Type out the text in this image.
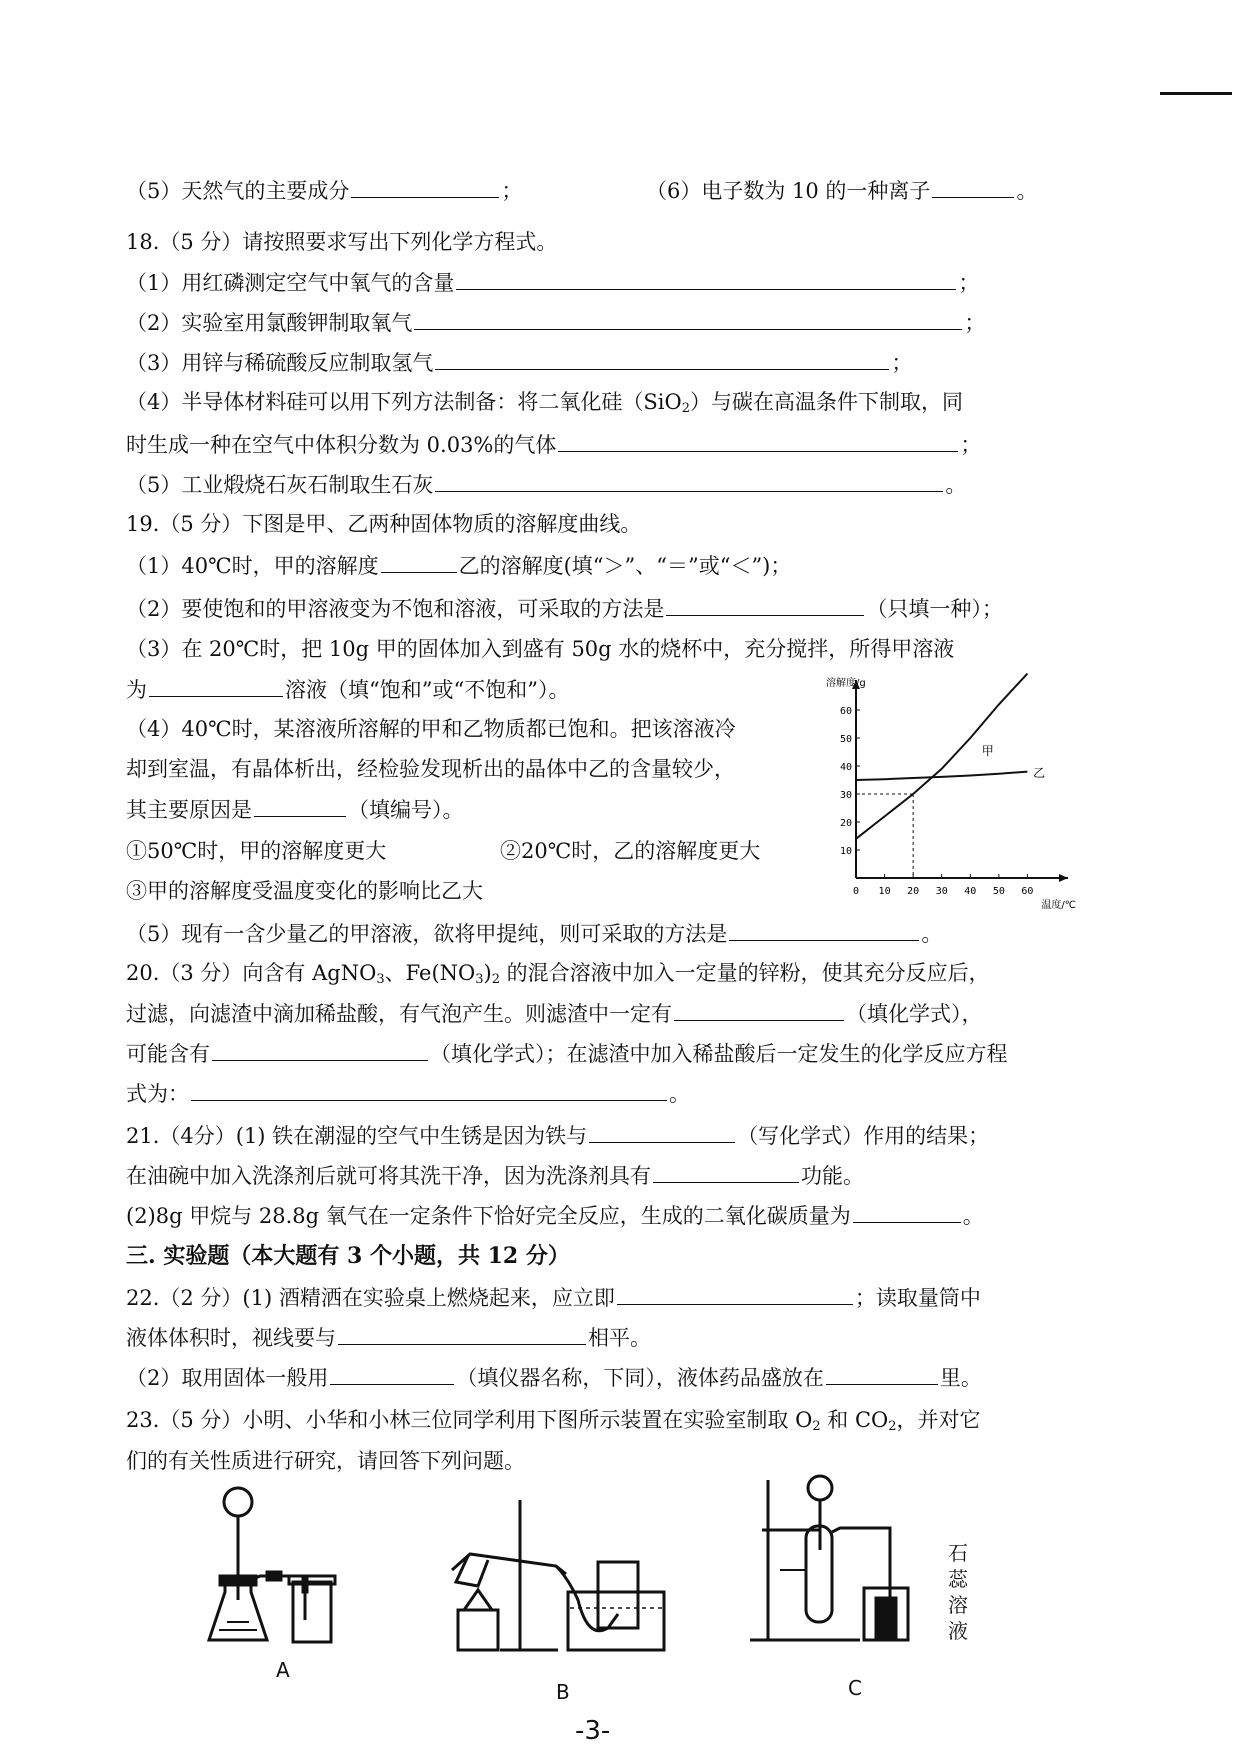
（5）天然气的主要成分	；	（6）电子数为 10 的一种离子	。
18.（5 分）请按照要求写出下列化学方程式。
（1）用红磷测定空气中氧气的含量	；
（2）实验室用氯酸钾制取氧气	；
（3）用锌与稀硫酸反应制取氢气	；
（4）半导体材料硅可以用下列方法制备：将二氧化硅（SiO$_2$）与碳在高温条件下制取，同
时生成一种在空气中体积分数为 0.03%的气体	；
（5）工业煅烧石灰石制取生石灰	。
19.（5 分）下图是甲、乙两种固体物质的溶解度曲线。
（1）40℃时，甲的溶解度	乙的溶解度(填“＞”、“＝”或“＜”)；
（2）要使饱和的甲溶液变为不饱和溶液，可采取的方法是	（只填一种）；
（3）在 20℃时，把 10g 甲的固体加入到盛有 50g 水的烧杯中，充分搅拌，所得甲溶液
为	溶液（填“饱和”或“不饱和”）。
（4）40℃时，某溶液所溶解的甲和乙物质都已饱和。把该溶液冷
却到室温，有晶体析出，经检验发现析出的晶体中乙的含量较少，
其主要原因是	（填编号）。
①50℃时，甲的溶解度更大	②20℃时，乙的溶解度更大
③甲的溶解度受温度变化的影响比乙大
（5）现有一含少量乙的甲溶液，欲将甲提纯，则可采取的方法是	。
0 10 20 30 40 50 60
10
20
30
40
50
60
溶解度/g
温度/℃
甲
乙
20.（3 分）向含有 AgNO$_3$、$Fe(NO_3)_2$ 的混合溶液中加入一定量的锌粉，使其充分反应后，
过滤，向滤渣中滴加稀盐酸，有气泡产生。则滤渣中一定有	（填化学式），
可能含有	（填化学式）；在滤渣中加入稀盐酸后一定发生的化学反应方程
式为：	。
21.（4分）(1) 铁在潮湿的空气中生锈是因为铁与	（写化学式）作用的结果；
在油碗中加入洗涤剂后就可将其洗干净，因为洗涤剂具有	功能。
(2)8g 甲烷与 28.8g 氧气在一定条件下恰好完全反应，生成的二氧化碳质量为	。
三. 实验题（本大题有 3 个小题，共 12 分）
22.（2 分）(1) 酒精洒在实验桌上燃烧起来，应立即	；读取量筒中
液体体积时，视线要与	相平。
（2）取用固体一般用	（填仪器名称，下同），液体药品盛放在	里。
23.（5 分）小明、小华和小林三位同学利用下图所示装置在实验室制取 $O_2$ 和 $CO_2$，并对它
们的有关性质进行研究，请回答下列问题。
A
B
石
蕊
溶
液
C
-3-
